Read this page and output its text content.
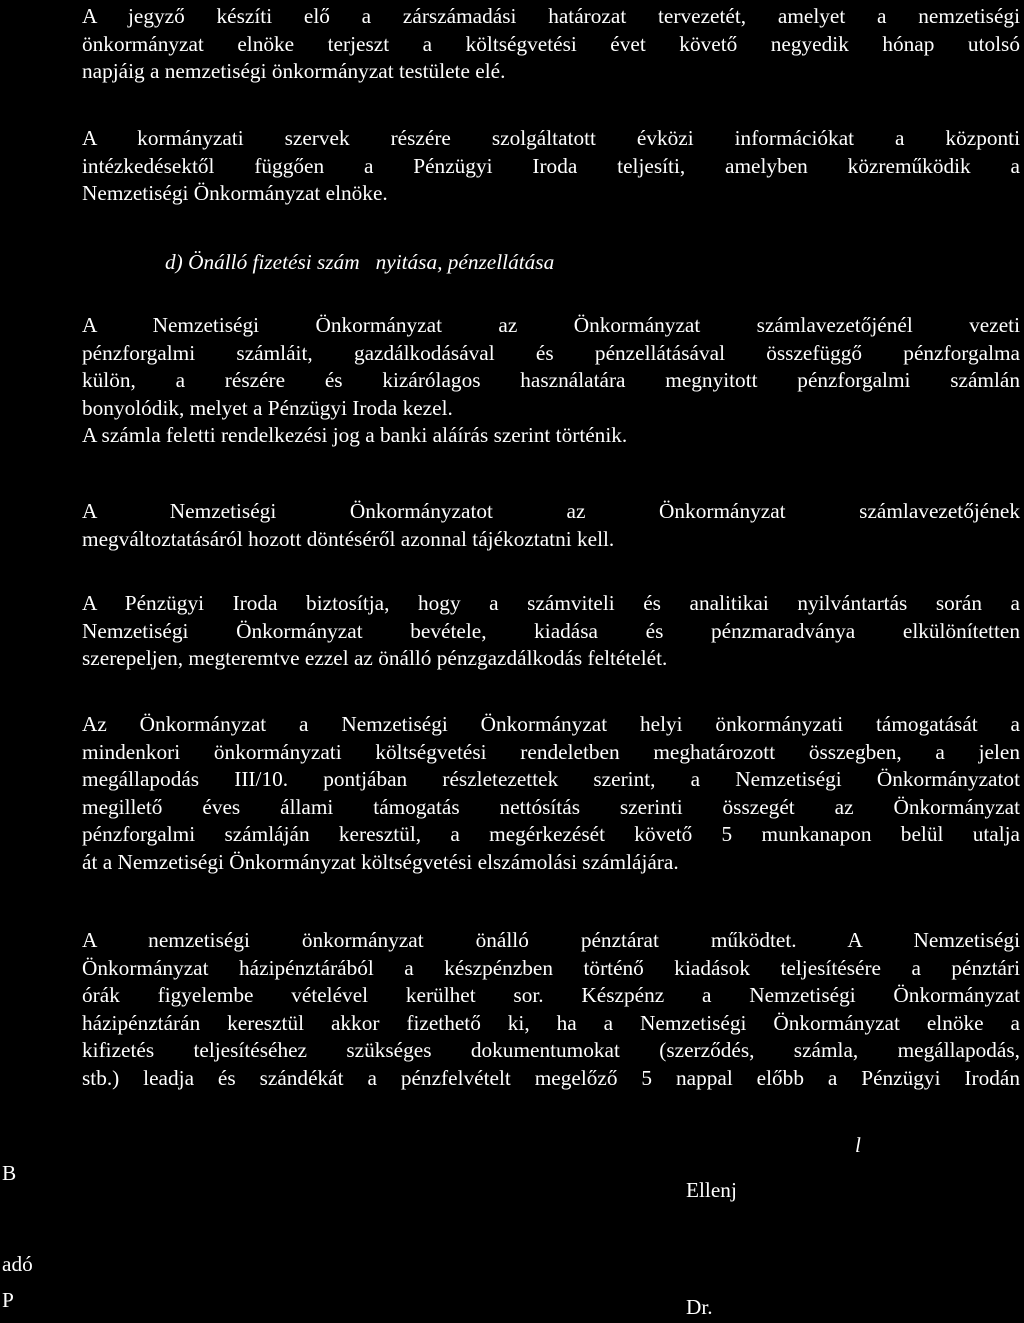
A jegyző készíti elő a zárszámadási határozat tervezetét, amelyet a nemzetiségi
önkormányzat elnöke terjeszt a költségvetési évet követő negyedik hónap utolsó
napjáig a nemzetiségi önkormányzat testülete elé.
A kormányzati szervek részére szolgáltatott évközi információkat a központi
intézkedésektől függően a Pénzügyi Iroda teljesíti, amelyben közreműködik a
Nemzetiségi Önkormányzat elnöke.
d) Önálló fizetési szám   nyitása, pénzellátása
A Nemzetiségi Önkormányzat az Önkormányzat számlavezetőjénél vezeti
pénzforgalmi számláit, gazdálkodásával és pénzellátásával összefüggő pénzforgalma
külön, a részére és kizárólagos használatára megnyitott pénzforgalmi számlán
bonyolódik, melyet a Pénzügyi Iroda kezel.
A számla feletti rendelkezési jog a banki aláírás szerint történik.
A Nemzetiségi Önkormányzatot az Önkormányzat számlavezetőjének
megváltoztatásáról hozott döntéséről azonnal tájékoztatni kell.
A Pénzügyi Iroda biztosítja, hogy a számviteli és analitikai nyilvántartás során a
Nemzetiségi Önkormányzat bevétele, kiadása és pénzmaradványa elkülönítetten
szerepeljen, megteremtve ezzel az önálló pénzgazdálkodás feltételét.
Az Önkormányzat a Nemzetiségi Önkormányzat helyi önkormányzati támogatását a
mindenkori önkormányzati költségvetési rendeletben meghatározott összegben, a jelen
megállapodás III/10. pontjában részletezettek szerint, a Nemzetiségi Önkormányzatot
megillető éves állami támogatás nettósítás szerinti összegét az Önkormányzat
pénzforgalmi számláján keresztül, a megérkezését követő 5 munkanapon belül utalja
át a Nemzetiségi Önkormányzat költségvetési elszámolási számlájára.
A nemzetiségi önkormányzat önálló pénztárat működtet. A Nemzetiségi
Önkormányzat házipénztárából a készpénzben történő kiadások teljesítésére a pénztári
órák figyelembe vételével kerülhet sor. Készpénz a Nemzetiségi Önkormányzat
házipénztárán keresztül akkor fizethető ki, ha a Nemzetiségi Önkormányzat elnöke a
kifizetés teljesítéséhez szükséges dokumentumokat (szerződés, számla, megállapodás,
stb.) leadja és szándékát a pénzfelvételt megelőző 5 nappal előbb a Pénzügyi Irodán
B
adó
P
l
Ellenj
Dr.
